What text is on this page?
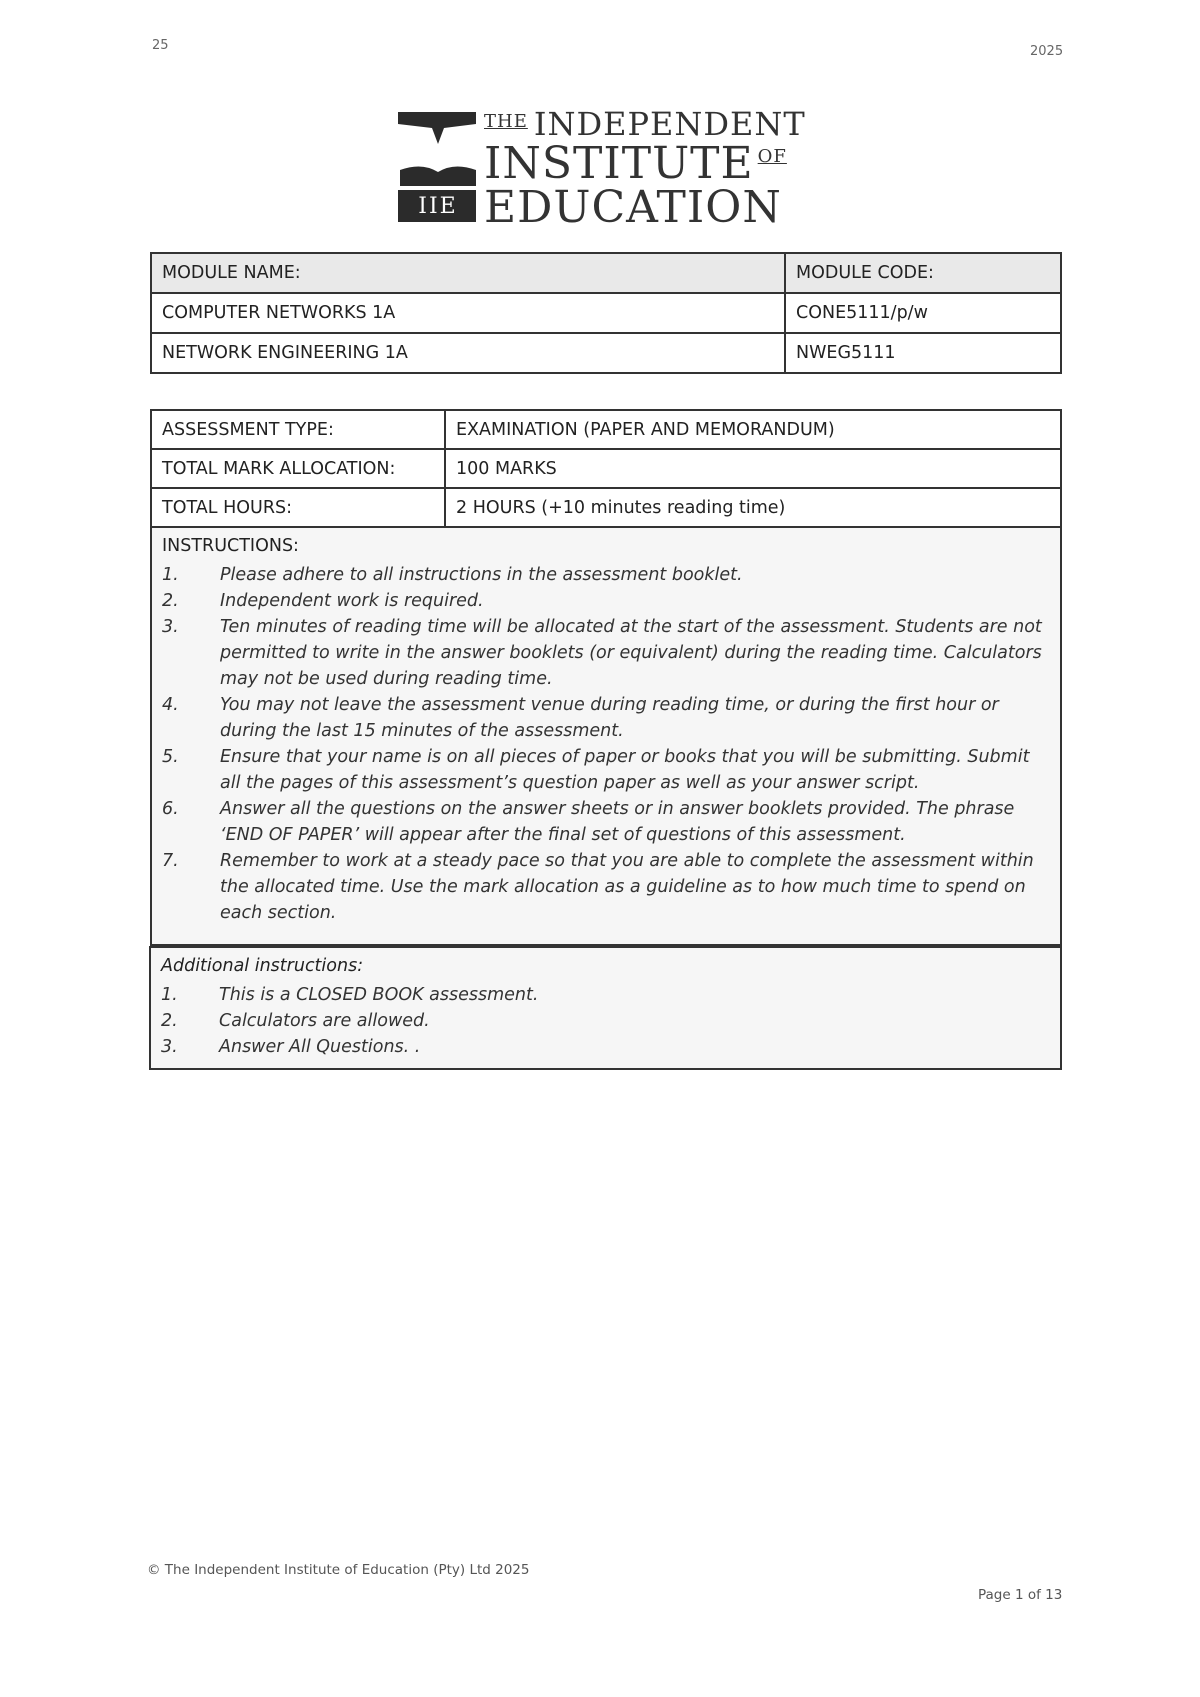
25	2025
IIE
$^{THE}$ INDEPENDENT
INSTITUTE $^{OF}$
EDUCATION
MODULE NAME:	MODULE CODE:
COMPUTER NETWORKS 1A	CONE5111/p/w
NETWORK ENGINEERING 1A	NWEG5111
ASSESSMENT TYPE:	EXAMINATION (PAPER AND MEMORANDUM)
TOTAL MARK ALLOCATION:	100 MARKS
TOTAL HOURS:	2 HOURS (+10 minutes reading time)
INSTRUCTIONS:
1. Please adhere to all instructions in the assessment booklet.
2. Independent work is required.
3. Ten minutes of reading time will be allocated at the start of the assessment. Students are not permitted to write in the answer booklets (or equivalent) during the reading time. Calculators may not be used during reading time.
4. You may not leave the assessment venue during reading time, or during the first hour or during the last 15 minutes of the assessment.
5. Ensure that your name is on all pieces of paper or books that you will be submitting. Submit all the pages of this assessment’s question paper as well as your answer script.
6. Answer all the questions on the answer sheets or in answer booklets provided. The phrase ‘END OF PAPER’ will appear after the final set of questions of this assessment.
7. Remember to work at a steady pace so that you are able to complete the assessment within the allocated time. Use the mark allocation as a guideline as to how much time to spend on each section.
Additional instructions:
1. This is a CLOSED BOOK assessment.
2. Calculators are allowed.
3. Answer All Questions. .
© The Independent Institute of Education (Pty) Ltd 2025
Page 1 of 13
